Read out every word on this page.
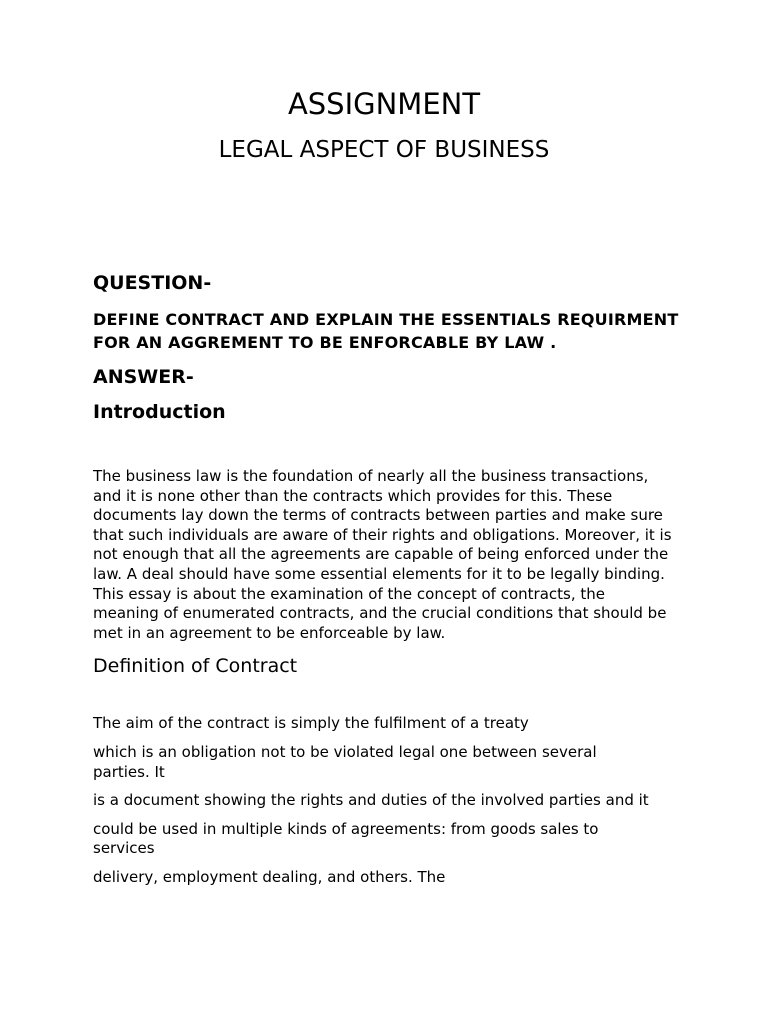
ASSIGNMENT
LEGAL ASPECT OF BUSINESS

QUESTION-

DEFINE CONTRACT AND EXPLAIN THE ESSENTIALS REQUIRMENT FOR AN AGGREMENT TO BE ENFORCABLE BY LAW .

ANSWER-

Introduction

The business law is the foundation of nearly all the business transactions, and it is none other than the contracts which provides for this. These documents lay down the terms of contracts between parties and make sure that such individuals are aware of their rights and obligations. Moreover, it is not enough that all the agreements are capable of being enforced under the law. A deal should have some essential elements for it to be legally binding. This essay is about the examination of the concept of contracts, the meaning of enumerated contracts, and the crucial conditions that should be met in an agreement to be enforceable by law.

Definition of Contract

The aim of the contract is simply the fulfilment of a treaty

which is an obligation not to be violated legal one between several parties. It

is a document showing the rights and duties of the involved parties and it

could be used in multiple kinds of agreements: from goods sales to services

delivery, employment dealing, and others. The
